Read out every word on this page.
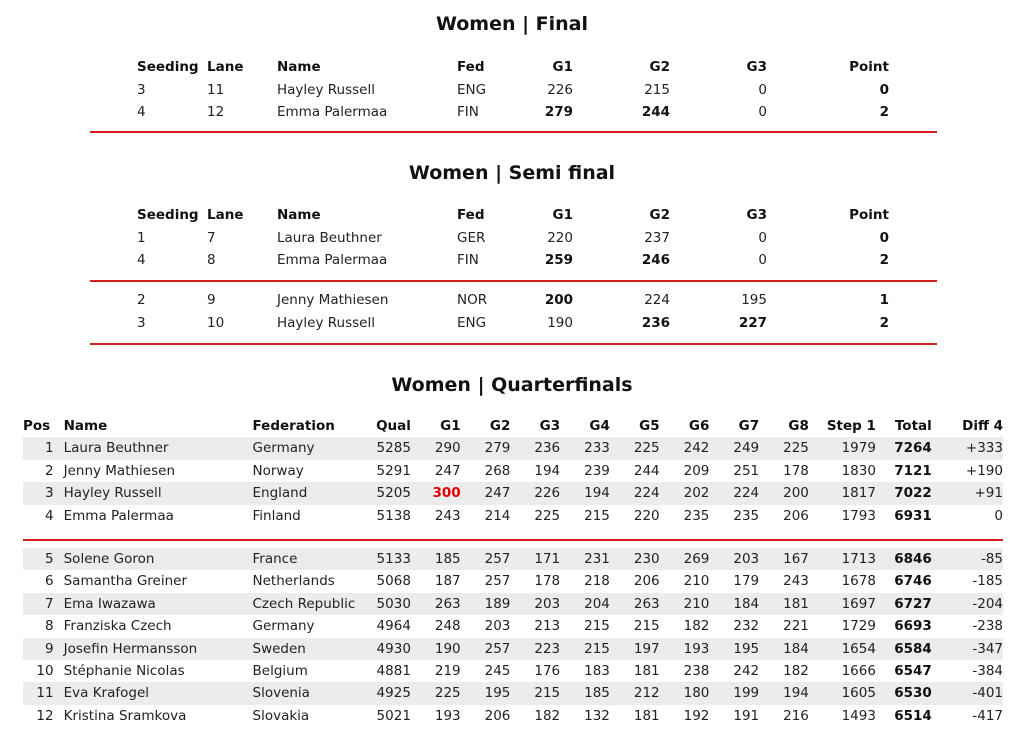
Women | Final
Seeding	Lane	Name	Fed	G1	G2	G3	Point
3	11	Hayley Russell	ENG	226	215	0	0
4	12	Emma Palermaa	FIN	279	244	0	2
Women | Semi final
Seeding	Lane	Name	Fed	G1	G2	G3	Point
1	7	Laura Beuthner	GER	220	237	0	0
4	8	Emma Palermaa	FIN	259	246	0	2
2	9	Jenny Mathiesen	NOR	200	224	195	1
3	10	Hayley Russell	ENG	190	236	227	2
Women | Quarterfinals
Pos	Name	Federation	Qual	G1	G2	G3	G4	G5	G6	G7	G8	Step 1	Total	Diff 4
1	Laura Beuthner	Germany	5285	290	279	236	233	225	242	249	225	1979	7264	+333
2	Jenny Mathiesen	Norway	5291	247	268	194	239	244	209	251	178	1830	7121	+190
3	Hayley Russell	England	5205	300	247	226	194	224	202	224	200	1817	7022	+91
4	Emma Palermaa	Finland	5138	243	214	225	215	220	235	235	206	1793	6931	0

5	Solene Goron	France	5133	185	257	171	231	230	269	203	167	1713	6846	-85
6	Samantha Greiner	Netherlands	5068	187	257	178	218	206	210	179	243	1678	6746	-185
7	Ema Iwazawa	Czech Republic	5030	263	189	203	204	263	210	184	181	1697	6727	-204
8	Franziska Czech	Germany	4964	248	203	213	215	215	182	232	221	1729	6693	-238
9	Josefin Hermansson	Sweden	4930	190	257	223	215	197	193	195	184	1654	6584	-347
10	Stéphanie Nicolas	Belgium	4881	219	245	176	183	181	238	242	182	1666	6547	-384
11	Eva Krafogel	Slovenia	4925	225	195	215	185	212	180	199	194	1605	6530	-401
12	Kristina Sramkova	Slovakia	5021	193	206	182	132	181	192	191	216	1493	6514	-417
